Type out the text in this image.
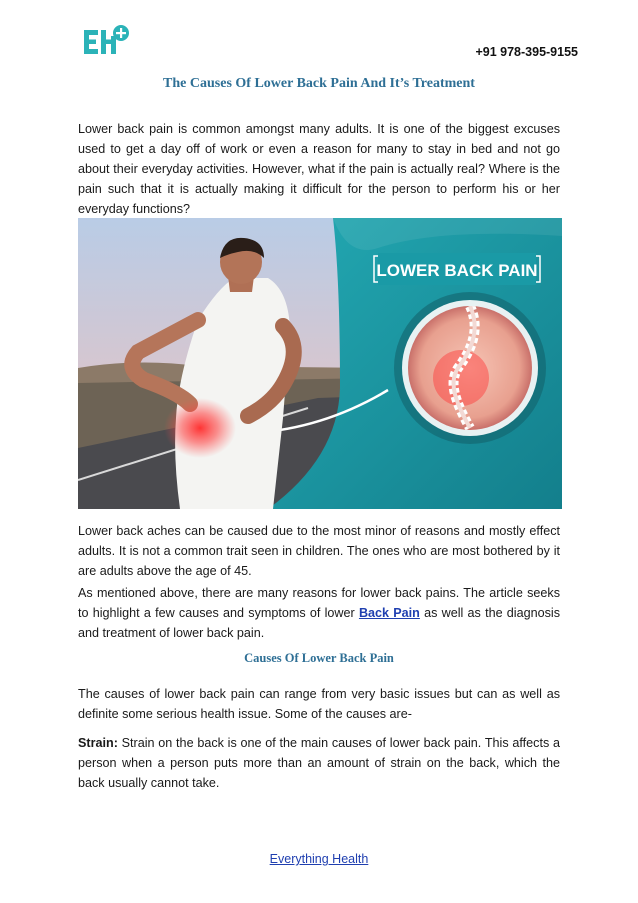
+91 978-395-9155
The Causes Of Lower Back Pain And It’s Treatment

Lower back pain is common amongst many adults. It is one of the biggest excuses used to get a day off of work or even a reason for many to stay in bed and not go about their everyday activities. However, what if the pain is actually real? Where is the pain such that it is actually making it difficult for the person to perform his or her everyday functions?

LOWER BACK PAIN

Lower back aches can be caused due to the most minor of reasons and mostly effect adults. It is not a common trait seen in children. The ones who are most bothered by it are adults above the age of 45.

As mentioned above, there are many reasons for lower back pains. The article seeks to highlight a few causes and symptoms of lower Back Pain as well as the diagnosis and treatment of lower back pain.

Causes Of Lower Back Pain

The causes of lower back pain can range from very basic issues but can as well as definite some serious health issue. Some of the causes are-

Strain: Strain on the back is one of the main causes of lower back pain. This affects a person when a person puts more than an amount of strain on the back, which the back usually cannot take.

Everything Health
